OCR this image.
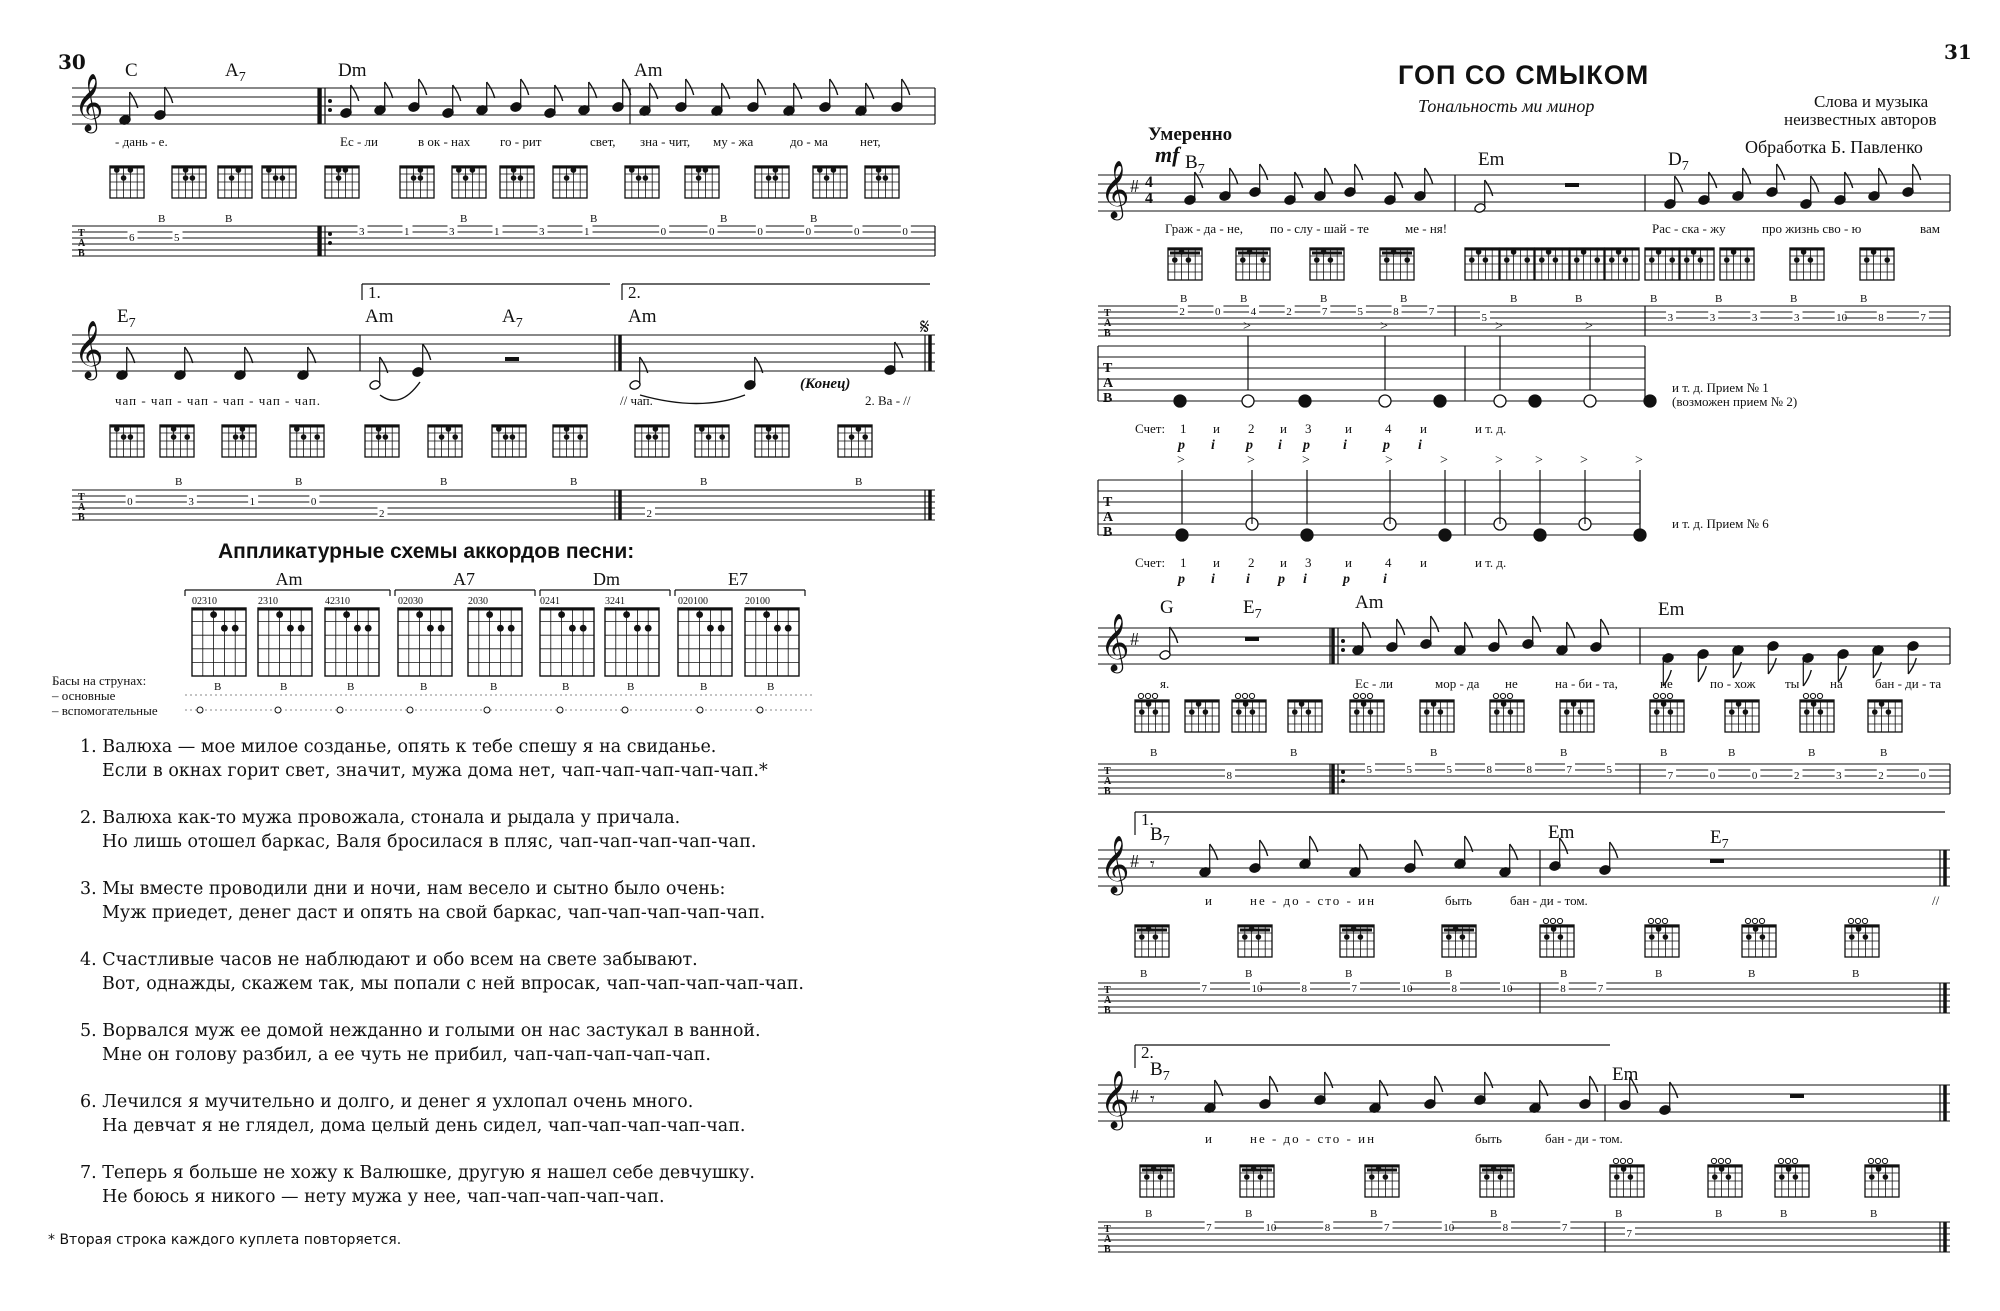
30
𝄞
C	$A_7$	Dm	Am
- дань - е.	Ес - ли	в ок - нах го - рит	свет, зна - чит, му - жа	до - ма нет,
В	В	В	В	В	В
T
A
B
6	5	3	1	3	1	3	1	0	0	0	0	0	0
𝄞
1.	2.
$E_7$	Am	$A_7$	Am	𝄋
(Конец)
чап - чап - чап - чап - чап - чап.	// чап.	2. Ва - //
В	В	В	В	В	В
T
A
B
0	3	1	0
2	2
Am	A7	Dm	E7
02310
В
2310
В
42310
В
02030
В
2030
В
0241
В
3241
В
020100
В
20100
В
𝄞 # 4
4
$B_7$	Em	$D_7$
Граж - да - не, по - слу - шай - те	ме - ня!	Рас - ска - жу	про жизнь сво - ю	вам
В	В	В	В	В	В	В	В	В	В
T
A
B
2	0	4	2	7	5	8	7	5	3	3	3	3	10	8	7
T
A
B
>	>	>	>
Счет: 1 и 2 и 3	и	4 и	и т. д.
p i p i p i	p i
T
A
B
>	>	>	>	>	> >	>	>
Счет: 1 и 2 и 3	и	4 и	и т. д.
p i i p i	p i
𝄞 #
G	$E_7$
Am	Em
я.	Ес - ли	мор - да не	на - би - та,	не	по - хож ты на бан - ди - та
В	В	В	В	В	В	В	В
T
A
B
8	5	5	5	8	8	7	5	7	0	0	2	3	2	0
1.
𝄞 #
$B_7$	Em	$E_7$
𝄾
и	не - до - сто - ин	быть	бан - ди - том.	//
В	В	В	В	В	В	В	В
T
A
B
7	10	8	7	10	8	10	8	7
2.
𝄞 #
$B_7$	Em
𝄾
и	не - до - сто - ин	быть	бан - ди - том.
В	В	В	В	В	В	В	В
T
A
B
7	10	8	7	10	8	7	7
Аппликатурные схемы аккордов песни:
Басы на струнах:
– основные
– вспомогательные
1. Валюха — мое милое созданье, опять к тебе спешу я на свиданье.
Если в окнах горит свет, значит, мужа дома нет, чап-чап-чап-чап-чап.*
2. Валюха как-то мужа провожала, стонала и рыдала у причала.
Но лишь отошел баркас, Валя бросилася в пляс, чап-чап-чап-чап-чап.
3. Мы вместе проводили дни и ночи, нам весело и сытно было очень:
Муж приедет, денег даст и опять на свой баркас, чап-чап-чап-чап-чап.
4. Счастливые часов не наблюдают и обо всем на свете забывают.
Вот, однажды, скажем так, мы попали с ней впросак, чап-чап-чап-чап-чап.
5. Ворвался муж ее домой нежданно и голыми он нас застукал в ванной.
Мне он голову разбил, а ее чуть не прибил, чап-чап-чап-чап-чап.
6. Лечился я мучительно и долго, и денег я ухлопал очень много.
На девчат я не глядел, дома целый день сидел, чап-чап-чап-чап-чап.
7. Теперь я больше не хожу к Валюшке, другую я нашел себе девчушку.
Не боюсь я никого — нету мужа у нее, чап-чап-чап-чап-чап.
* Вторая строка каждого куплета повторяется.
31
ГОП СО СМЫКОМ
Тональность ми минор	Слова и музыка
неизвестных авторов
Обработка Б. Павленко
Умеренно
mf
и т. д. Прием № 1
(возможен прием № 2)
и т. д. Прием № 6
